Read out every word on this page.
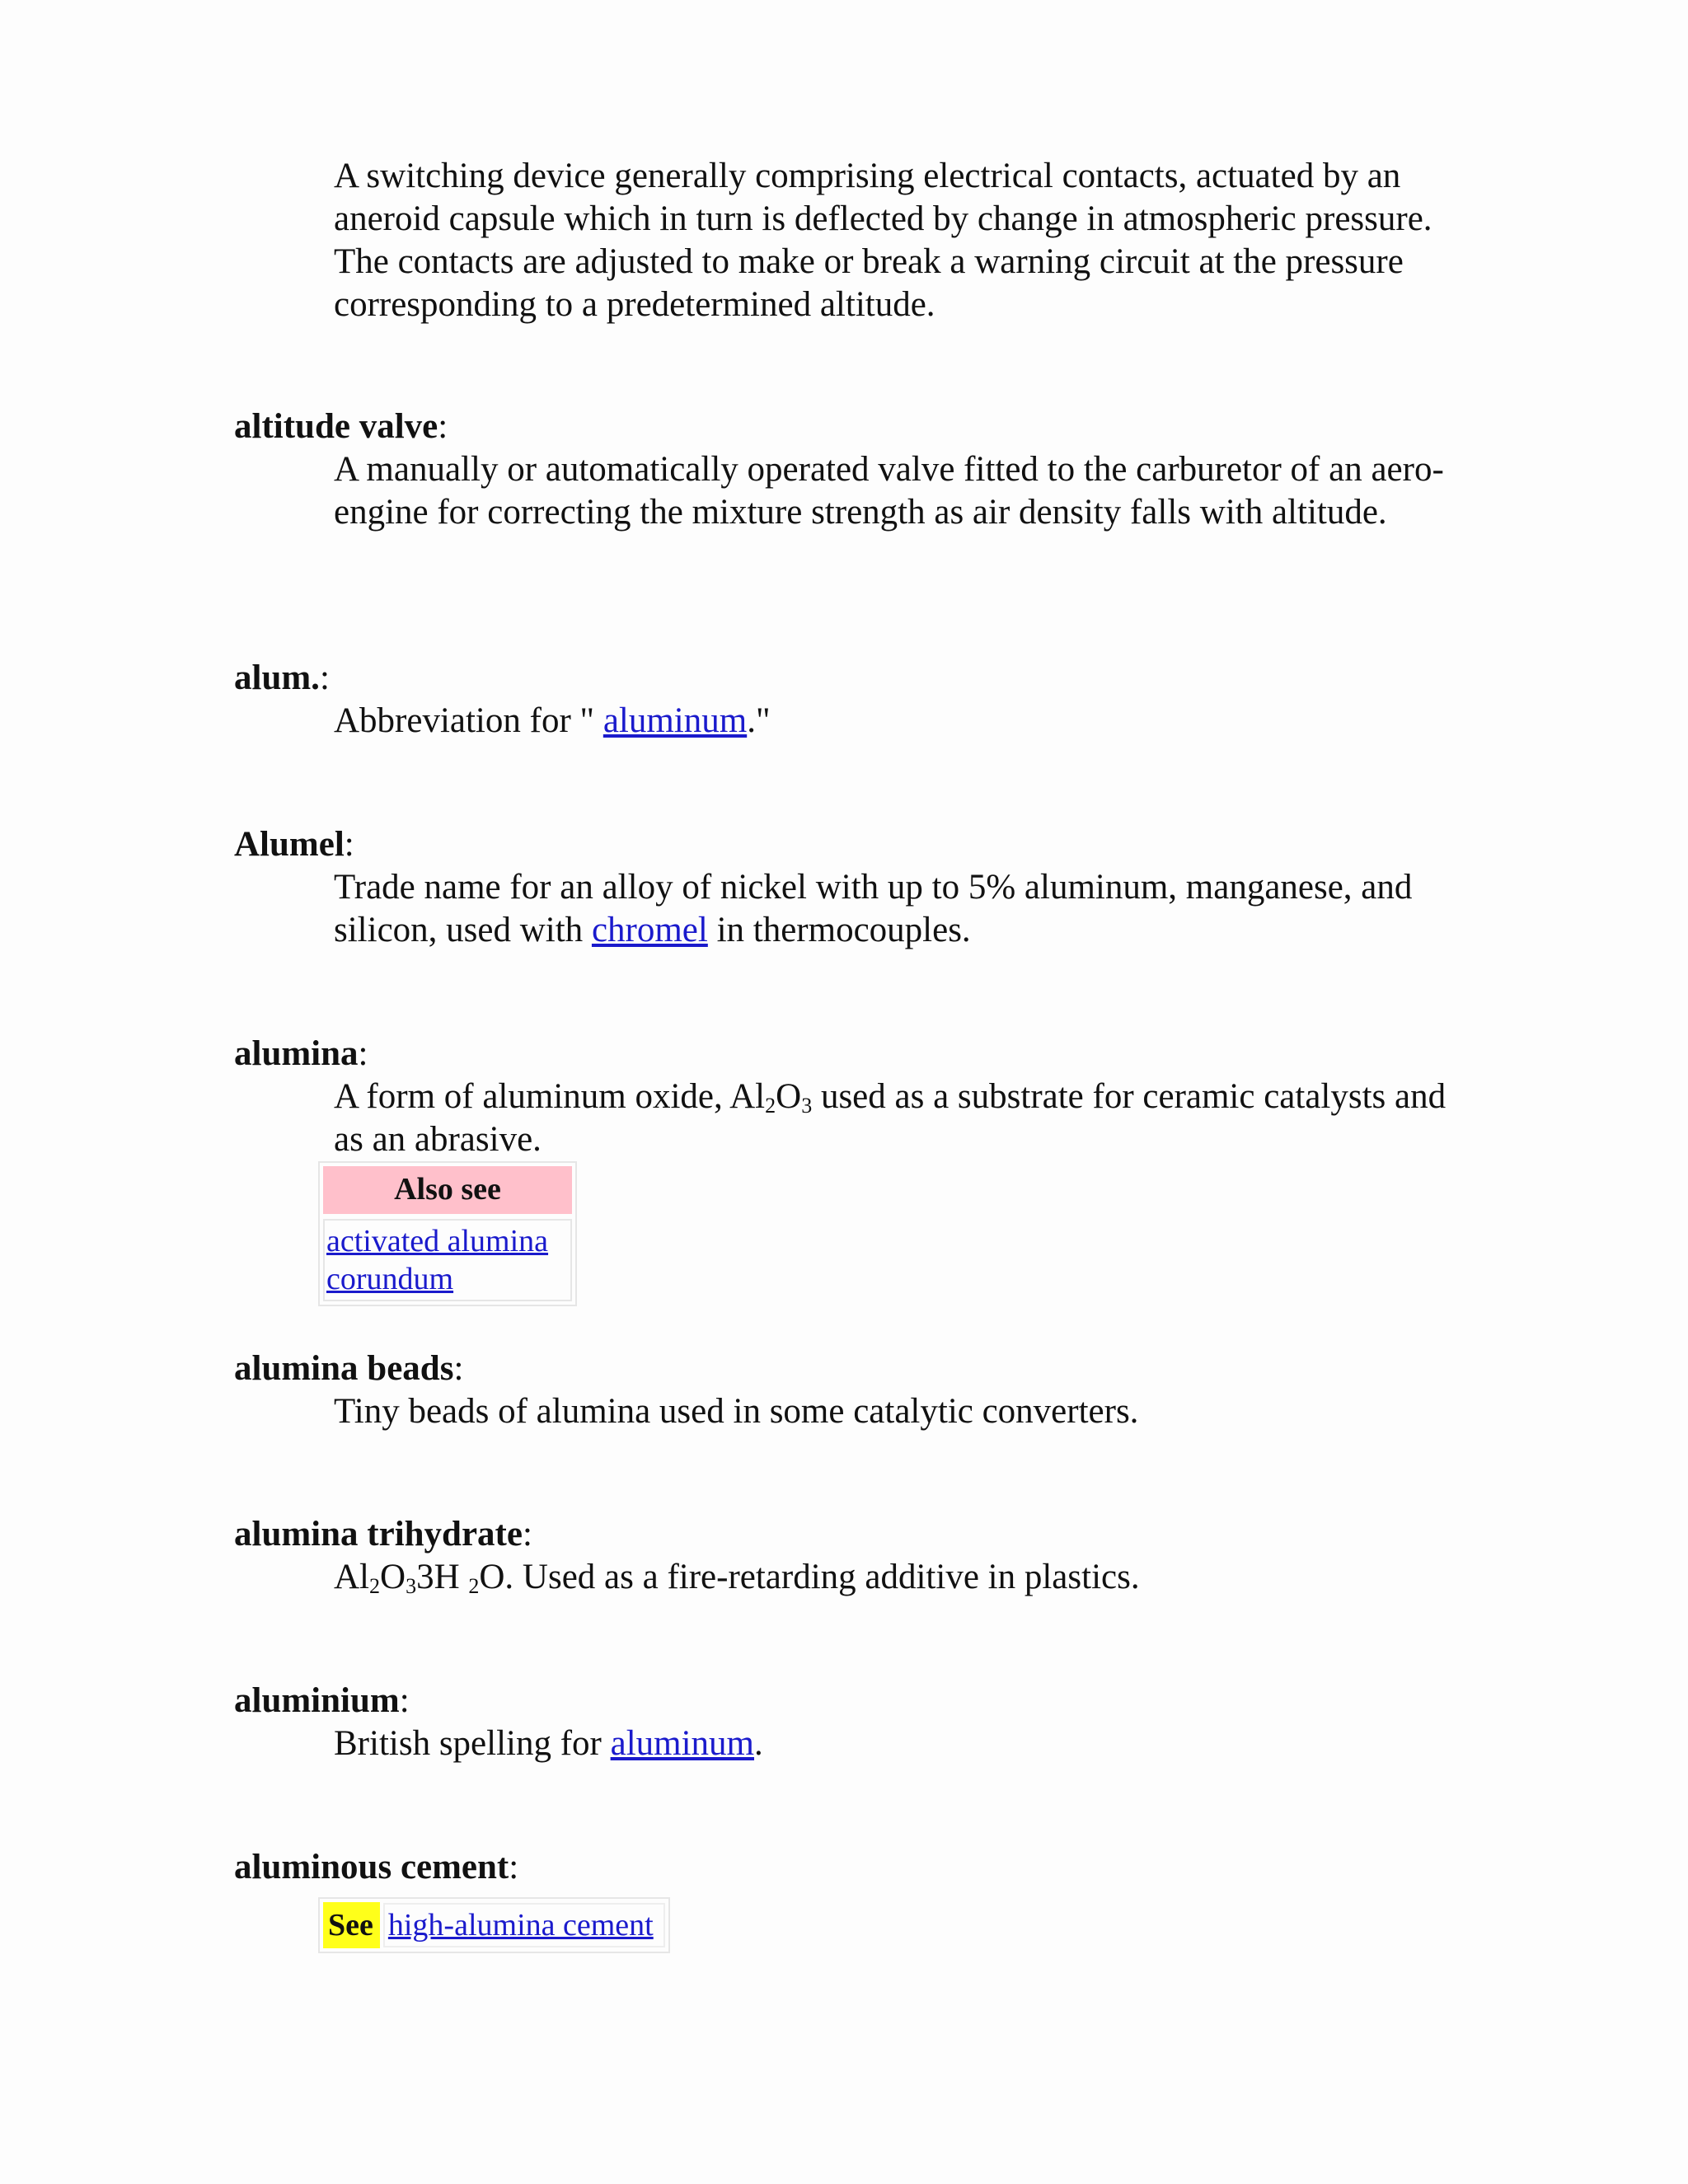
A switching device generally comprising electrical contacts, actuated by an aneroid capsule which in turn is deflected by change in atmospheric pressure. The contacts are adjusted to make or break a warning circuit at the pressure corresponding to a predetermined altitude.
altitude valve:
A manually or automatically operated valve fitted to the carburetor of an aero-engine for correcting the mixture strength as air density falls with altitude.
alum.:
Abbreviation for " aluminum."
Alumel:
Trade name for an alloy of nickel with up to 5% aluminum, manganese, and silicon, used with chromel in thermocouples.
alumina:
A form of aluminum oxide, $Al_2O_3$ used as a substrate for ceramic catalysts and as an abrasive.
Also see
activated alumina
corundum
alumina beads:
Tiny beads of alumina used in some catalytic converters.
alumina trihydrate:
$Al_2O_33H$ $_2$O. Used as a fire-retarding additive in plastics.
aluminium:
British spelling for aluminum.
aluminous cement:
See high-alumina cement
